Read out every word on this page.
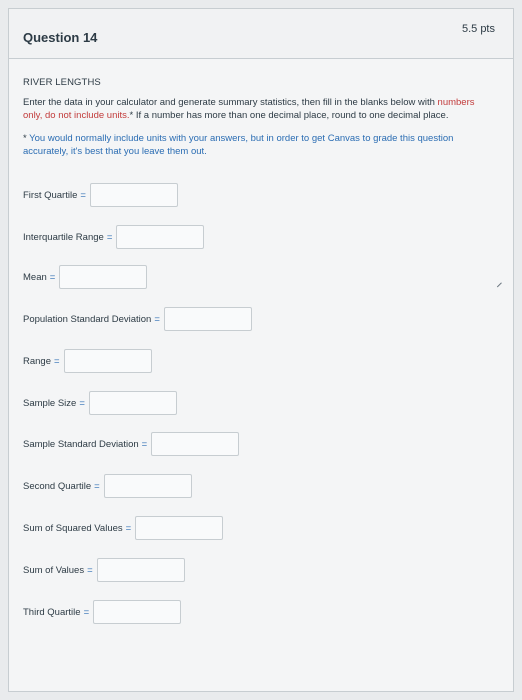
Question 14
5.5 pts
RIVER LENGTHS
Enter the data in your calculator and generate summary statistics, then fill in the blanks below with numbers only, do not include units.* If a number has more than one decimal place, round to one decimal place.
* You would normally include units with your answers, but in order to get Canvas to grade this question accurately, it's best that you leave them out.
First Quartile =
Interquartile Range =
Mean =
Population Standard Deviation =
Range =
Sample Size =
Sample Standard Deviation =
Second Quartile =
Sum of Squared Values =
Sum of Values =
Third Quartile =
